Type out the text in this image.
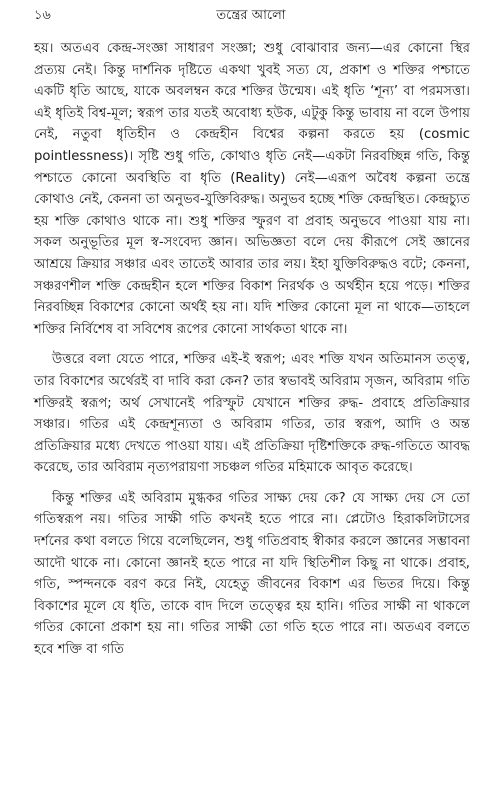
১৬	তন্ত্রের আলো

হয়। অতএব কেন্দ্র-সংজ্ঞা সাধারণ সংজ্ঞা; শুধু বোঝাবার জন্য—এর কোনো স্থির প্রত্যয় নেই। কিন্তু দার্শনিক দৃষ্টিতে একথা খুবই সত্য যে, প্রকাশ ও শক্তির পশ্চাতে একটি ধৃতি আছে, যাকে অবলম্বন করে শক্তির উন্মেষ। এই ধৃতি ‘শূন্য’ বা পরমসত্তা। এই ধৃতিই বিশ্ব-মূল; স্বরূপ তার যতই অবোধ্য হউক, এটুকু কিন্তু ভাবায় না বলে উপায় নেই, নতুবা ধৃতিহীন ও কেন্দ্রহীন বিশ্বের কল্পনা করতে হয় (cosmic pointlessness)। সৃষ্টি শুধু গতি, কোথাও ধৃতি নেই—একটা নিরবচ্ছিন্ন গতি, কিন্তু পশ্চাতে কোনো অবস্থিতি বা ধৃতি (Reality) নেই—এরূপ অবৈধ কল্পনা তন্ত্রে কোথাও নেই, কেননা তা অনুভব-যুক্তিবিরুদ্ধ। অনুভব হচ্ছে শক্তি কেন্দ্রস্থিত। কেন্দ্রচ্যুত হয় শক্তি কোথাও থাকে না। শুধু শক্তির স্ফুরণ বা প্রবাহ অনুভবে পাওয়া যায় না। সকল অনুভূতির মূল স্ব-সংবেদ্য জ্ঞান। অভিজ্ঞতা বলে দেয় কীরূপে সেই জ্ঞানের আশ্রয়ে ক্রিয়ার সঞ্চার এবং তাতেই আবার তার লয়। ইহা যুক্তিবিরুদ্ধও বটে; কেননা, সঞ্চরণশীল শক্তি কেন্দ্রহীন হলে শক্তির বিকাশ নিরর্থক ও অর্থহীন হয়ে পড়ে। শক্তির নিরবচ্ছিন্ন বিকাশের কোনো অর্থই হয় না। যদি শক্তির কোনো মূল না থাকে—তাহলে শক্তির নির্বিশেষ বা সবিশেষ রূপের কোনো সার্থকতা থাকে না।

উত্তরে বলা যেতে পারে, শক্তির এই-ই স্বরূপ; এবং শক্তি যখন অতিমানস তত্ত্ব, তার বিকাশের অর্থেরই বা দাবি করা কেন? তার স্বভাবই অবিরাম সৃজন, অবিরাম গতি শক্তিরই স্বরূপ; অর্থ সেখানেই পরিস্ফুট যেখানে শক্তির রুদ্ধ- প্রবাহে প্রতিক্রিয়ার সঞ্চার। গতির এই কেন্দ্রশূন্যতা ও অবিরাম গতির, তার স্বরূপ, আদি ও অন্ত প্রতিক্রিয়ার মধ্যে দেখতে পাওয়া যায়। এই প্রতিক্রিয়া দৃষ্টিশক্তিকে রুদ্ধ-গতিতে আবদ্ধ করেছে, তার অবিরাম নৃত্যপরায়ণা সচঞ্চল গতির মহিমাকে আবৃত করেছে।

কিন্তু শক্তির এই অবিরাম মুগ্ধকর গতির সাক্ষ্য দেয় কে? যে সাক্ষ্য দেয় সে তো গতিস্বরূপ নয়। গতির সাক্ষী গতি কখনই হতে পারে না। প্লেটোও হিরাকলিটাসের দর্শনের কথা বলতে গিয়ে বলেছিলেন, শুধু গতিপ্রবাহ স্বীকার করলে জ্ঞানের সম্ভাবনা আদৌ থাকে না। কোনো জ্ঞানই হতে পারে না যদি স্থিতিশীল কিছু না থাকে। প্রবাহ, গতি, স্পন্দনকে বরণ করে নিই, যেহেতু জীবনের বিকাশ এর ভিতর দিয়ে। কিন্তু বিকাশের মূলে যে ধৃতি, তাকে বাদ দিলে তত্ত্বের হয় হানি। গতির সাক্ষী না থাকলে গতির কোনো প্রকাশ হয় না। গতির সাক্ষী তো গতি হতে পারে না। অতএব বলতে হবে শক্তি বা গতি
